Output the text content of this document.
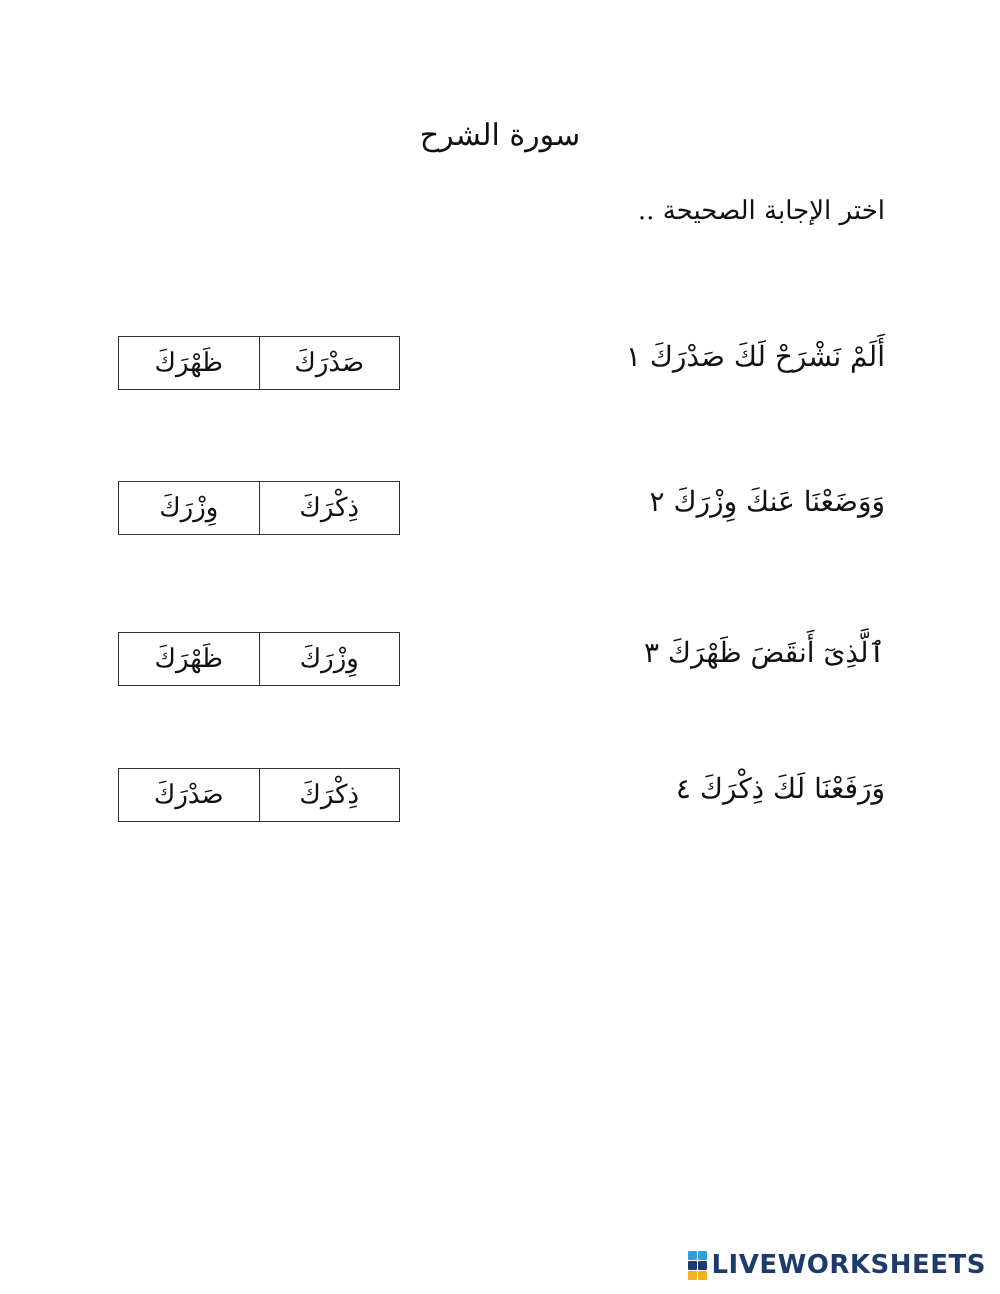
سورة الشرح
اختر الإجابة الصحيحة ..
أَلَمْ نَشْرَحْ لَكَ صَدْرَكَ ١
صَدْرَكَ
ظَهْرَكَ
وَوَضَعْنَا عَنكَ وِزْرَكَ ٢
ذِكْرَكَ
وِزْرَكَ
ٱلَّذِىٓ أَنقَضَ ظَهْرَكَ ٣
وِزْرَكَ
ظَهْرَكَ
وَرَفَعْنَا لَكَ ذِكْرَكَ ٤
ذِكْرَكَ
صَدْرَكَ
LIVEWORKSHEETS
